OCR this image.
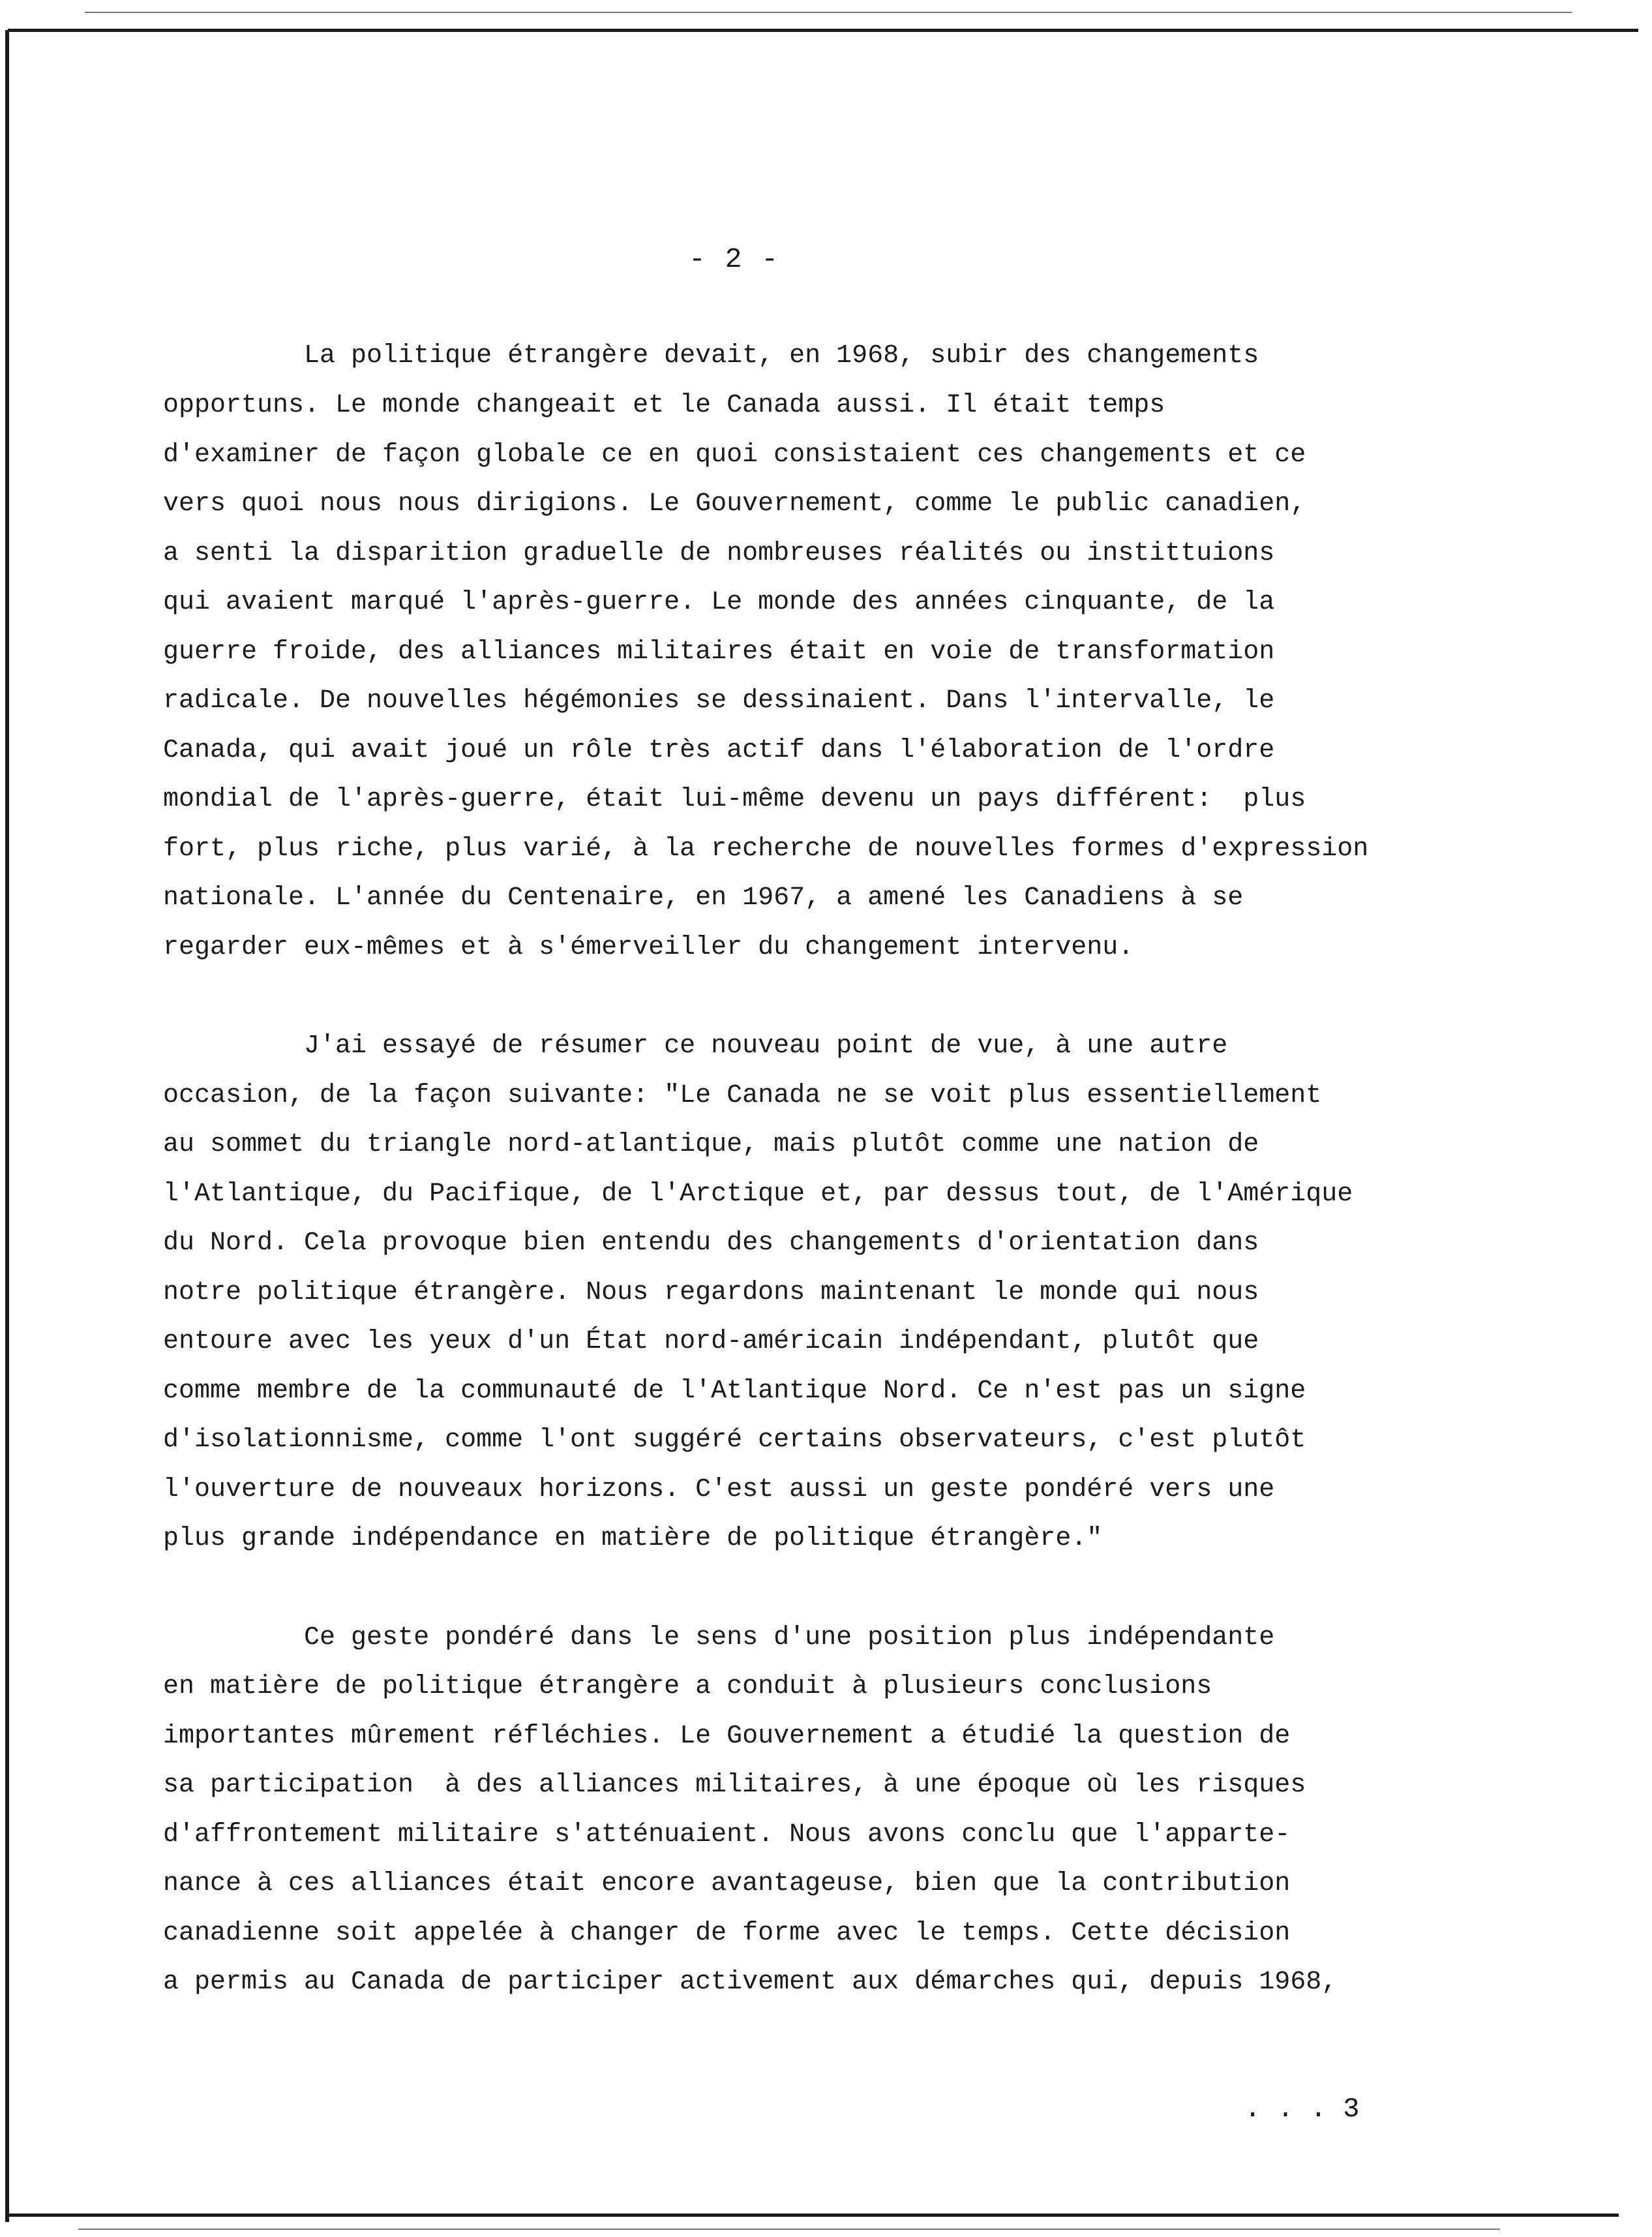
- 2 -
La politique étrangère devait, en 1968, subir des changements
opportuns. Le monde changeait et le Canada aussi. Il était temps
d'examiner de façon globale ce en quoi consistaient ces changements et ce
vers quoi nous nous dirigions. Le Gouvernement, comme le public canadien,
a senti la disparition graduelle de nombreuses réalités ou instittuions
qui avaient marqué l'après-guerre. Le monde des années cinquante, de la
guerre froide, des alliances militaires était en voie de transformation
radicale. De nouvelles hégémonies se dessinaient. Dans l'intervalle, le
Canada, qui avait joué un rôle très actif dans l'élaboration de l'ordre
mondial de l'après-guerre, était lui-même devenu un pays différent:  plus
fort, plus riche, plus varié, à la recherche de nouvelles formes d'expression
nationale. L'année du Centenaire, en 1967, a amené les Canadiens à se
regarder eux-mêmes et à s'émerveiller du changement intervenu.
J'ai essayé de résumer ce nouveau point de vue, à une autre
occasion, de la façon suivante: "Le Canada ne se voit plus essentiellement
au sommet du triangle nord-atlantique, mais plutôt comme une nation de
l'Atlantique, du Pacifique, de l'Arctique et, par dessus tout, de l'Amérique
du Nord. Cela provoque bien entendu des changements d'orientation dans
notre politique étrangère. Nous regardons maintenant le monde qui nous
entoure avec les yeux d'un État nord-américain indépendant, plutôt que
comme membre de la communauté de l'Atlantique Nord. Ce n'est pas un signe
d'isolationnisme, comme l'ont suggéré certains observateurs, c'est plutôt
l'ouverture de nouveaux horizons. C'est aussi un geste pondéré vers une
plus grande indépendance en matière de politique étrangère."
Ce geste pondéré dans le sens d'une position plus indépendante
en matière de politique étrangère a conduit à plusieurs conclusions
importantes mûrement réfléchies. Le Gouvernement a étudié la question de
sa participation  à des alliances militaires, à une époque où les risques
d'affrontement militaire s'atténuaient. Nous avons conclu que l'apparte-
nance à ces alliances était encore avantageuse, bien que la contribution
canadienne soit appelée à changer de forme avec le temps. Cette décision
a permis au Canada de participer activement aux démarches qui, depuis 1968,
. . . 3
